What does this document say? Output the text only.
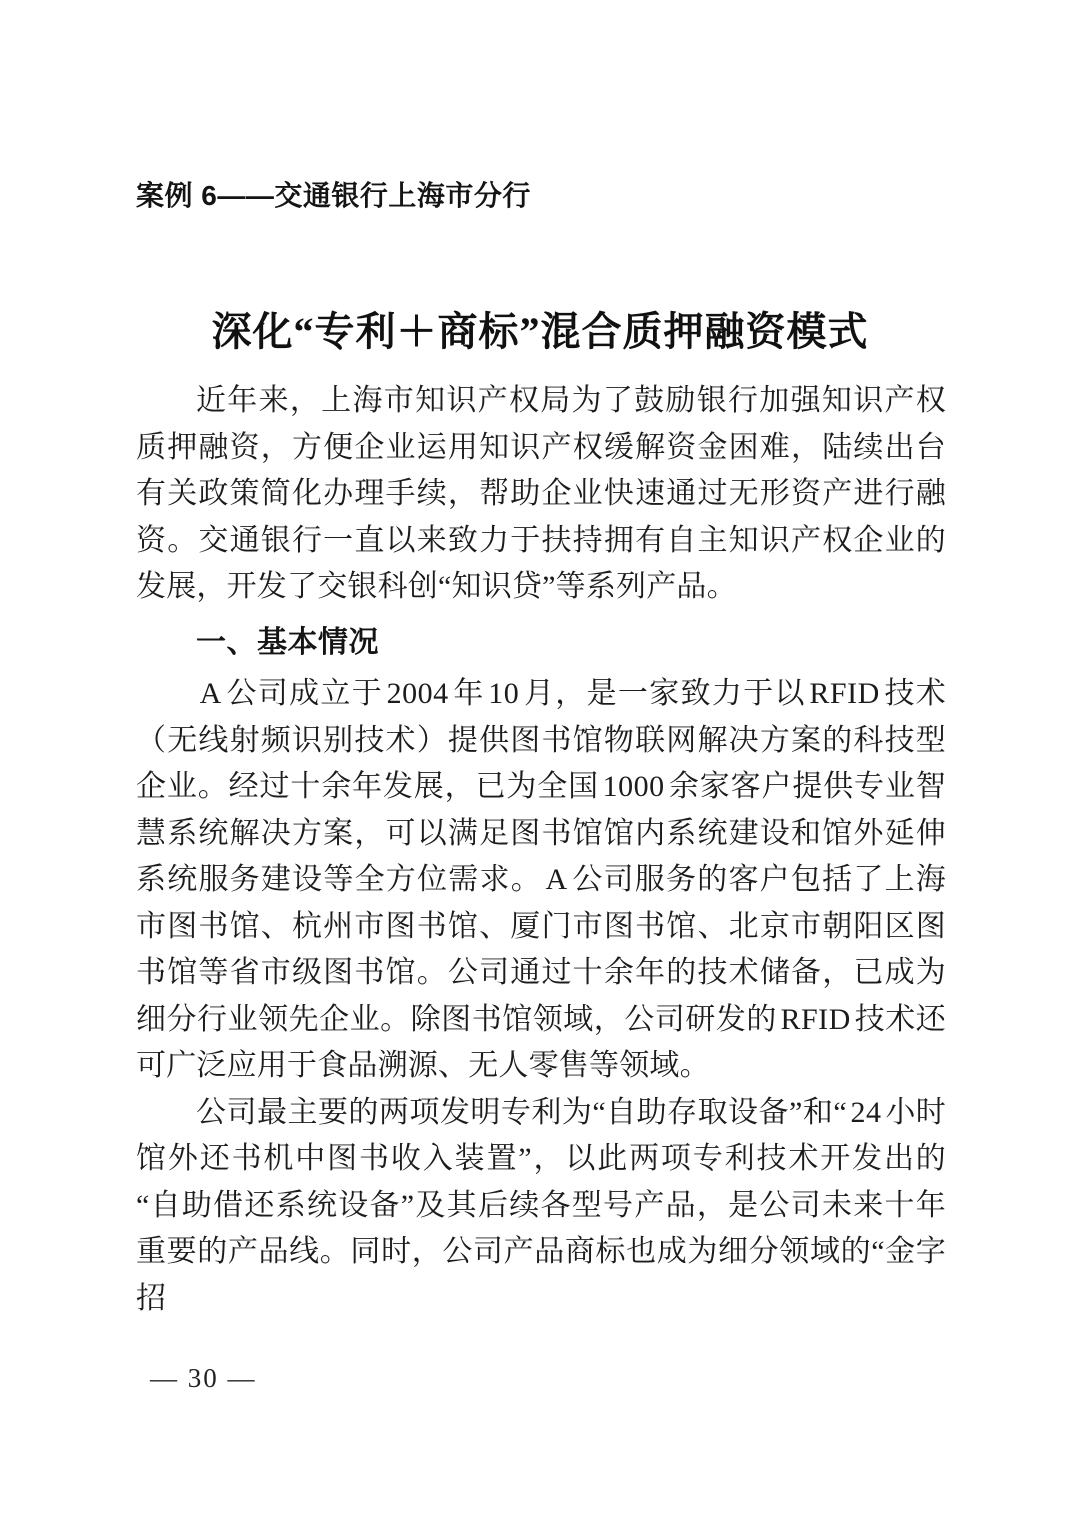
案例 6——交通银行上海市分行
深化“专利＋商标”混合质押融资模式

近年来，上海市知识产权局为了鼓励银行加强知识产权质押融资，方便企业运用知识产权缓解资金困难，陆续出台有关政策简化办理手续，帮助企业快速通过无形资产进行融资。交通银行一直以来致力于扶持拥有自主知识产权企业的发展，开发了交银科创“知识贷”等系列产品。

一、基本情况

A 公司成立于 2004 年 10 月，是一家致力于以 RFID 技术（无线射频识别技术）提供图书馆物联网解决方案的科技型企业。经过十余年发展，已为全国 1000 余家客户提供专业智慧系统解决方案，可以满足图书馆馆内系统建设和馆外延伸系统服务建设等全方位需求。 A 公司服务的客户包括了上海市图书馆、杭州市图书馆、厦门市图书馆、北京市朝阳区图书馆等省市级图书馆。公司通过十余年的技术储备，已成为细分行业领先企业。除图书馆领域，公司研发的 RFID 技术还可广泛应用于食品溯源、无人零售等领域。

公司最主要的两项发明专利为“自助存取设备”和“ 24 小时馆外还书机中图书收入装置”，以此两项专利技术开发出的“自助借还系统设备”及其后续各型号产品，是公司未来十年重要的产品线。同时，公司产品商标也成为细分领域的“金字招

— 30 —
